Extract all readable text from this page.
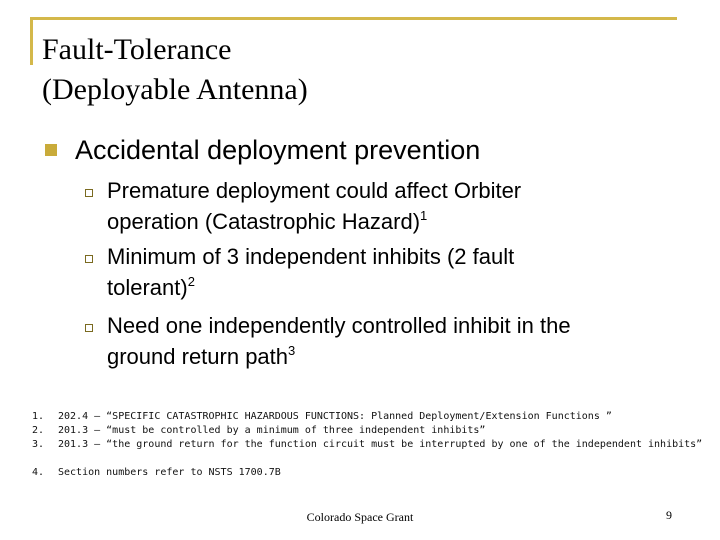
Fault-Tolerance
(Deployable Antenna)
Accidental deployment prevention
Premature deployment could affect Orbiter
operation (Catastrophic Hazard)$^1$
Minimum of 3 independent inhibits (2 fault
tolerant)$^2$
Need one independently controlled inhibit in the
ground return path$^3$
1.	202.4 – “SPECIFIC CATASTROPHIC HAZARDOUS FUNCTIONS: Planned Deployment/Extension Functions ”
2.	201.3 – “must be controlled by a minimum of three independent inhibits”
3.	201.3 – “the ground return for the function circuit must be interrupted by one of the independent inhibits”
4.	Section numbers refer to NSTS 1700.7B
Colorado Space Grant	9
